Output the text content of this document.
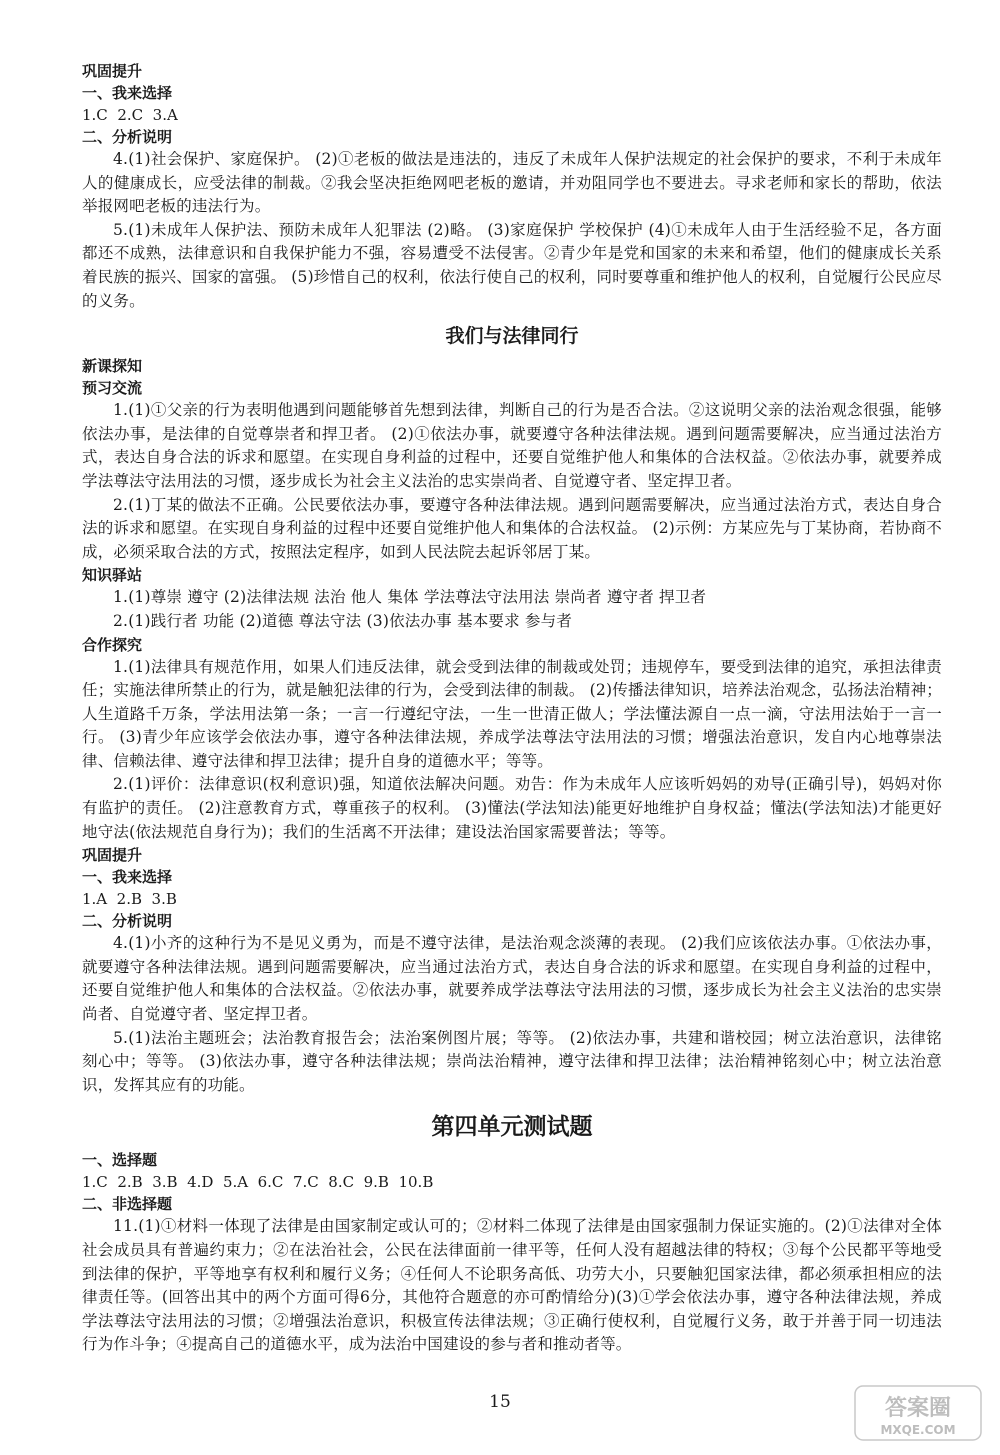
巩固提升

一、我来选择

1.C  2.C  3.A

二、分析说明

4.(1)社会保护、家庭保护。 (2)①老板的做法是违法的，违反了未成年人保护法规定的社会保护的要求，不利于未成年人的健康成长，应受法律的制裁。②我会坚决拒绝网吧老板的邀请，并劝阻同学也不要进去。寻求老师和家长的帮助，依法举报网吧老板的违法行为。

5.(1)未成年人保护法、预防未成年人犯罪法 (2)略。 (3)家庭保护 学校保护 (4)①未成年人由于生活经验不足，各方面都还不成熟，法律意识和自我保护能力不强，容易遭受不法侵害。②青少年是党和国家的未来和希望，他们的健康成长关系着民族的振兴、国家的富强。 (5)珍惜自己的权利，依法行使自己的权利，同时要尊重和维护他人的权利，自觉履行公民应尽的义务。

我们与法律同行

新课探知

预习交流

1.(1)①父亲的行为表明他遇到问题能够首先想到法律，判断自己的行为是否合法。②这说明父亲的法治观念很强，能够依法办事，是法律的自觉尊崇者和捍卫者。 (2)①依法办事，就要遵守各种法律法规。遇到问题需要解决，应当通过法治方式，表达自身合法的诉求和愿望。在实现自身利益的过程中，还要自觉维护他人和集体的合法权益。②依法办事，就要养成学法尊法守法用法的习惯，逐步成长为社会主义法治的忠实崇尚者、自觉遵守者、坚定捍卫者。

2.(1)丁某的做法不正确。公民要依法办事，要遵守各种法律法规。遇到问题需要解决，应当通过法治方式，表达自身合法的诉求和愿望。在实现自身利益的过程中还要自觉维护他人和集体的合法权益。 (2)示例：方某应先与丁某协商，若协商不成，必须采取合法的方式，按照法定程序，如到人民法院去起诉邻居丁某。

知识驿站

1.(1)尊崇 遵守 (2)法律法规 法治 他人 集体 学法尊法守法用法 崇尚者 遵守者 捍卫者

2.(1)践行者 功能 (2)道德 尊法守法 (3)依法办事 基本要求 参与者

合作探究

1.(1)法律具有规范作用，如果人们违反法律，就会受到法律的制裁或处罚；违规停车，要受到法律的追究，承担法律责任；实施法律所禁止的行为，就是触犯法律的行为，会受到法律的制裁。 (2)传播法律知识，培养法治观念，弘扬法治精神；人生道路千万条，学法用法第一条；一言一行遵纪守法，一生一世清正做人；学法懂法源自一点一滴，守法用法始于一言一行。 (3)青少年应该学会依法办事，遵守各种法律法规，养成学法尊法守法用法的习惯；增强法治意识，发自内心地尊崇法律、信赖法律、遵守法律和捍卫法律；提升自身的道德水平；等等。

2.(1)评价：法律意识(权利意识)强，知道依法解决问题。劝告：作为未成年人应该听妈妈的劝导(正确引导)，妈妈对你有监护的责任。 (2)注意教育方式，尊重孩子的权利。 (3)懂法(学法知法)能更好地维护自身权益；懂法(学法知法)才能更好地守法(依法规范自身行为)；我们的生活离不开法律；建设法治国家需要普法；等等。

巩固提升

一、我来选择

1.A  2.B  3.B

二、分析说明

4.(1)小齐的这种行为不是见义勇为，而是不遵守法律，是法治观念淡薄的表现。 (2)我们应该依法办事。①依法办事，就要遵守各种法律法规。遇到问题需要解决，应当通过法治方式，表达自身合法的诉求和愿望。在实现自身利益的过程中，还要自觉维护他人和集体的合法权益。②依法办事，就要养成学法尊法守法用法的习惯，逐步成长为社会主义法治的忠实崇尚者、自觉遵守者、坚定捍卫者。

5.(1)法治主题班会；法治教育报告会；法治案例图片展；等等。 (2)依法办事，共建和谐校园；树立法治意识，法律铭刻心中；等等。 (3)依法办事，遵守各种法律法规；崇尚法治精神，遵守法律和捍卫法律；法治精神铭刻心中；树立法治意识，发挥其应有的功能。

第四单元测试题

一、选择题

1.C  2.B  3.B  4.D  5.A  6.C  7.C  8.C  9.B  10.B

二、非选择题

11.(1)①材料一体现了法律是由国家制定或认可的；②材料二体现了法律是由国家强制力保证实施的。(2)①法律对全体社会成员具有普遍约束力；②在法治社会，公民在法律面前一律平等，任何人没有超越法律的特权；③每个公民都平等地受到法律的保护，平等地享有权利和履行义务；④任何人不论职务高低、功劳大小，只要触犯国家法律，都必须承担相应的法律责任等。(回答出其中的两个方面可得6分，其他符合题意的亦可酌情给分)(3)①学会依法办事，遵守各种法律法规，养成学法尊法守法用法的习惯；②增强法治意识，积极宣传法律法规；③正确行使权利，自觉履行义务，敢于并善于同一切违法行为作斗争；④提高自己的道德水平，成为法治中国建设的参与者和推动者等。

15	答案圈
MXQE.COM
